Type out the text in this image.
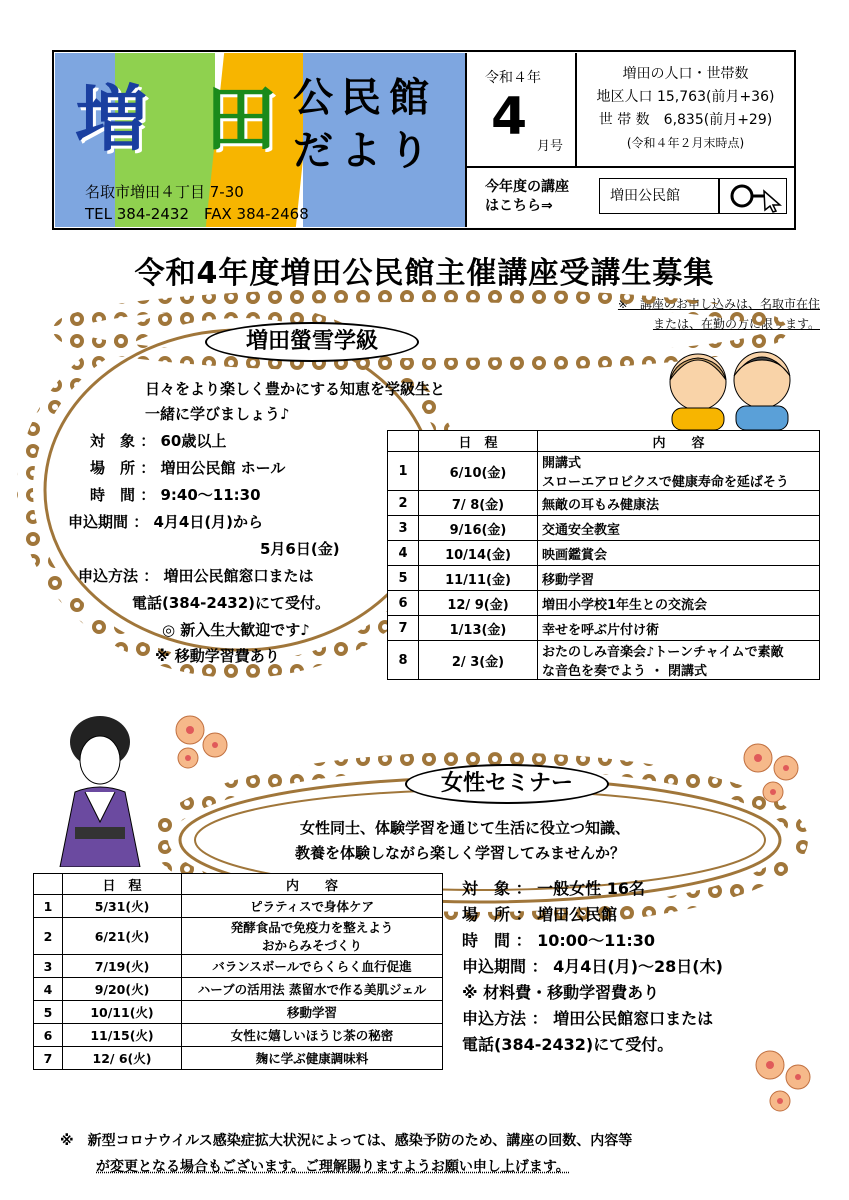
増 田 公民館
だより
名取市増田４丁目 7-30
TEL 384-2432　FAX 384-2468
令和４年
4 月号
増田の人口・世帯数
地区人口 15,763(前月+36)
世 帯 数　6,835(前月+29)
(令和４年２月末時点)
今年度の講座
はこちら⇒
増田公民館
令和4年度増田公民館主催講座受講生募集
※　講座のお申し込みは、名取市在住
または、在勤の方に限ります。
増田螢雪学級
日々をより楽しく豊かにする知恵を学級生と
一緒に学びましょう♪
対　象 ： 60歳以上
場　所 ： 増田公民館 ホール
時　間 ： 9:40～11:30
申込期間 ： 4月4日(月)から
5月6日(金)
申込方法 ： 増田公民館窓口または
電話(384-2432)にて受付。
◎ 新入生大歓迎です♪
※ 移動学習費あり
	日　程	内　　容
1	6/10(金)	開講式
スローエアロビクスで健康寿命を延ばそう

2	7/ 8(金)	無敵の耳もみ健康法
3	9/16(金)	交通安全教室
4	10/14(金)	映画鑑賞会
5	11/11(金)	移動学習
6	12/ 9(金)	増田小学校1年生との交流会
7	1/13(金)	幸せを呼ぶ片付け術
8	2/ 3(金)	おたのしみ音楽会♪トーンチャイムで素敵
な音色を奏でよう ・ 閉講式
女性セミナー
女性同士、体験学習を通じて生活に役立つ知識、
教養を体験しながら楽しく学習してみませんか？
	日　程	内　　容
1	5/31(火)	ピラティスで身体ケア
2	6/21(火)	発酵食品で免疫力を整えよう
おからみそづくり

3	7/19(火)	バランスボールでらくらく血行促進
4	9/20(火)	ハーブの活用法 蒸留水で作る美肌ジェル
5	10/11(火)	移動学習
6	11/15(火)	女性に嬉しいほうじ茶の秘密
7	12/ 6(火)	麹に学ぶ健康調味料
対　象 ： 一般女性 16名
場　所 ： 増田公民館
時　間 ： 10:00～11:30
申込期間 ： 4月4日(月)～28日(木)
※ 材料費・移動学習費あり
申込方法 ： 増田公民館窓口または
電話(384-2432)にて受付。
※　新型コロナウイルス感染症拡大状況によっては、感染予防のため、講座の回数、内容等
が変更となる場合もございます。ご理解賜りますようお願い申し上げます。
